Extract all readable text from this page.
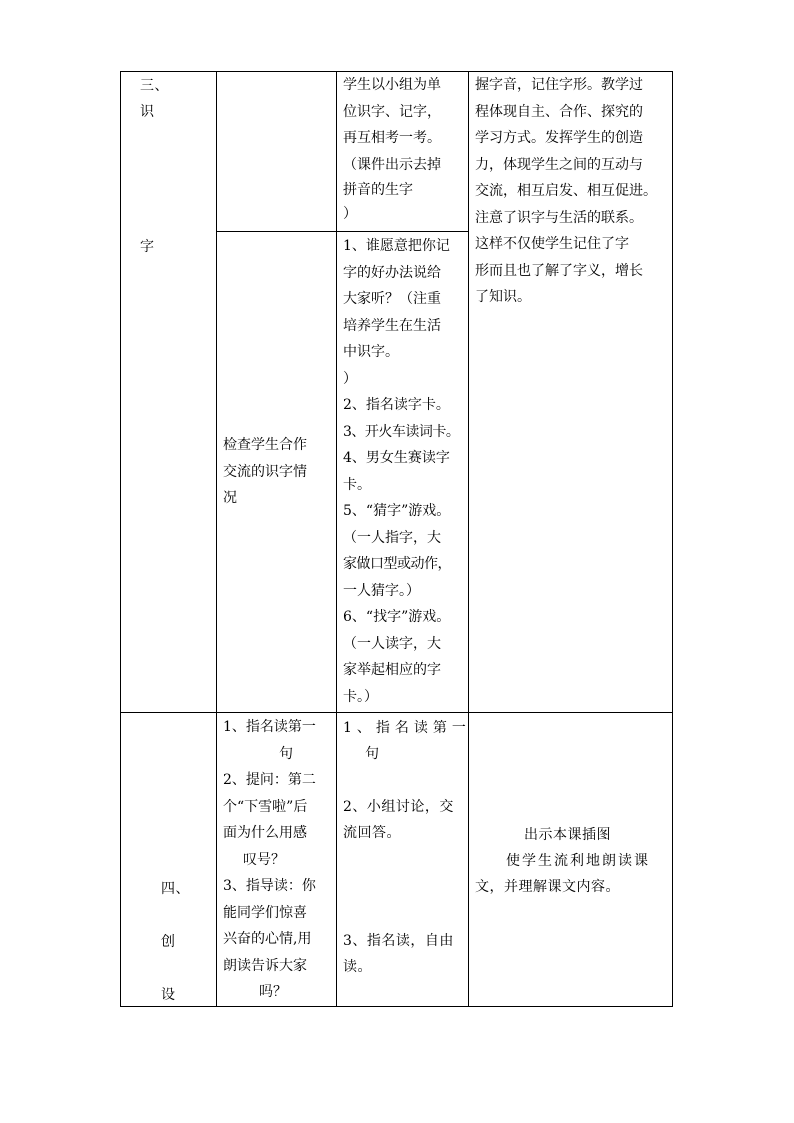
三、
识
字
学生以小组为单
位识字、记字，
再互相考一考。
（课件出示去掉
拼音的生字
）
检查学生合作
交流的识字情
况
1、谁愿意把你记
字的好办法说给
大家听？（注重
培养学生在生活
中识字。
）
2、指名读字卡。
3、开火车读词卡。
4、男女生赛读字
卡。
5、“猜字”游戏。
（一人指字，大
家做口型或动作，
一人猜字。）
6、“找字”游戏。
（一人读字，大
家举起相应的字
卡。）
握字音，记住字形。教学过
程体现自主、合作、探究的
学习方式。发挥学生的创造
力，体现学生之间的互动与
交流，相互启发、相互促进。
注意了识字与生活的联系。
这样不仅使学生记住了字
形而且也了解了字义，增长
了知识。
四、
创
设
1、指名读第一
句
2、提问：第二
个“下雪啦”后
面为什么用感
叹号？
3、指导读：你
能同学们惊喜
兴奋的心情,用
朗读告诉大家
吗？
1、指名读第一
句
2、小组讨论，交
流回答。
3、指名读，自由
读。
出示本课插图
使学生流利地朗读课
文，并理解课文内容。
